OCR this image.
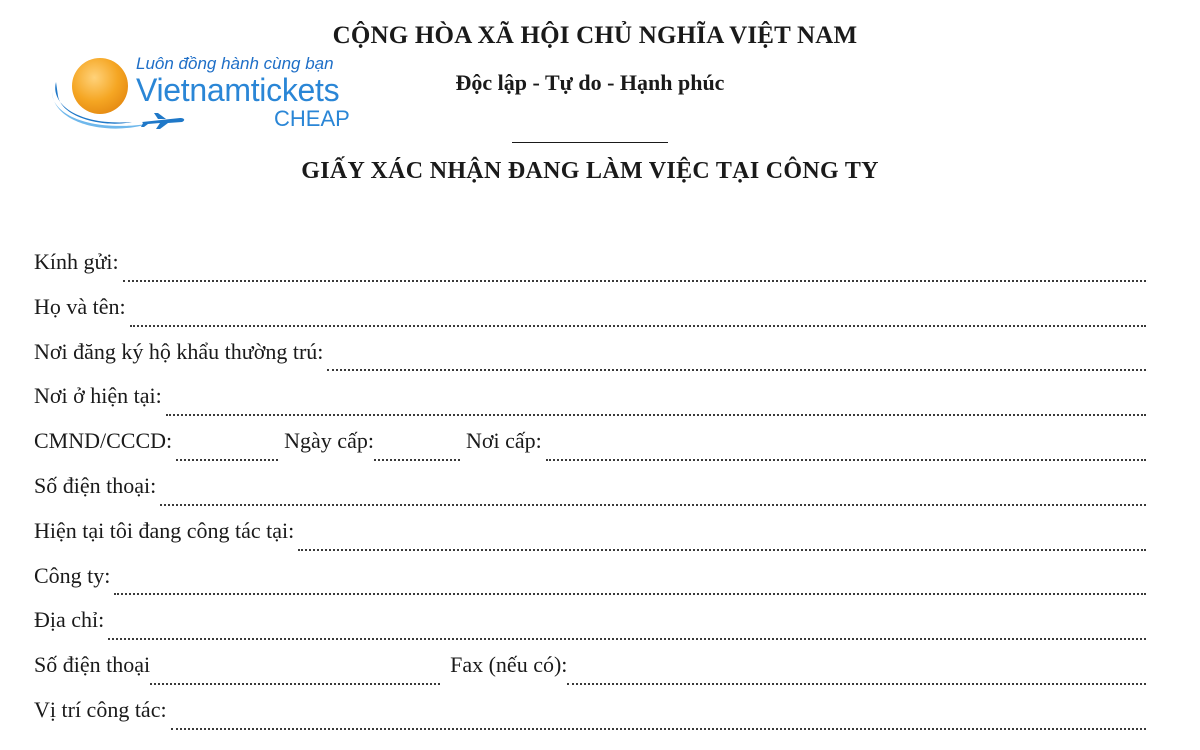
Luôn đồng hành cùng bạn
Vietnamtickets
CHEAP
CỘNG HÒA XÃ HỘI CHỦ NGHĨA VIỆT NAM
Độc lập - Tự do - Hạnh phúc
GIẤY XÁC NHẬN ĐANG LÀM VIỆC TẠI CÔNG TY
Kính gửi:
Họ và tên:
Nơi đăng ký hộ khẩu thường trú:
Nơi ở hiện tại:
CMND/CCCD:	Ngày cấp:	Nơi cấp:
Số điện thoại:
Hiện tại tôi đang công tác tại:
Công ty:
Địa chỉ:
Số điện thoại	Fax (nếu có):
Vị trí công tác:
